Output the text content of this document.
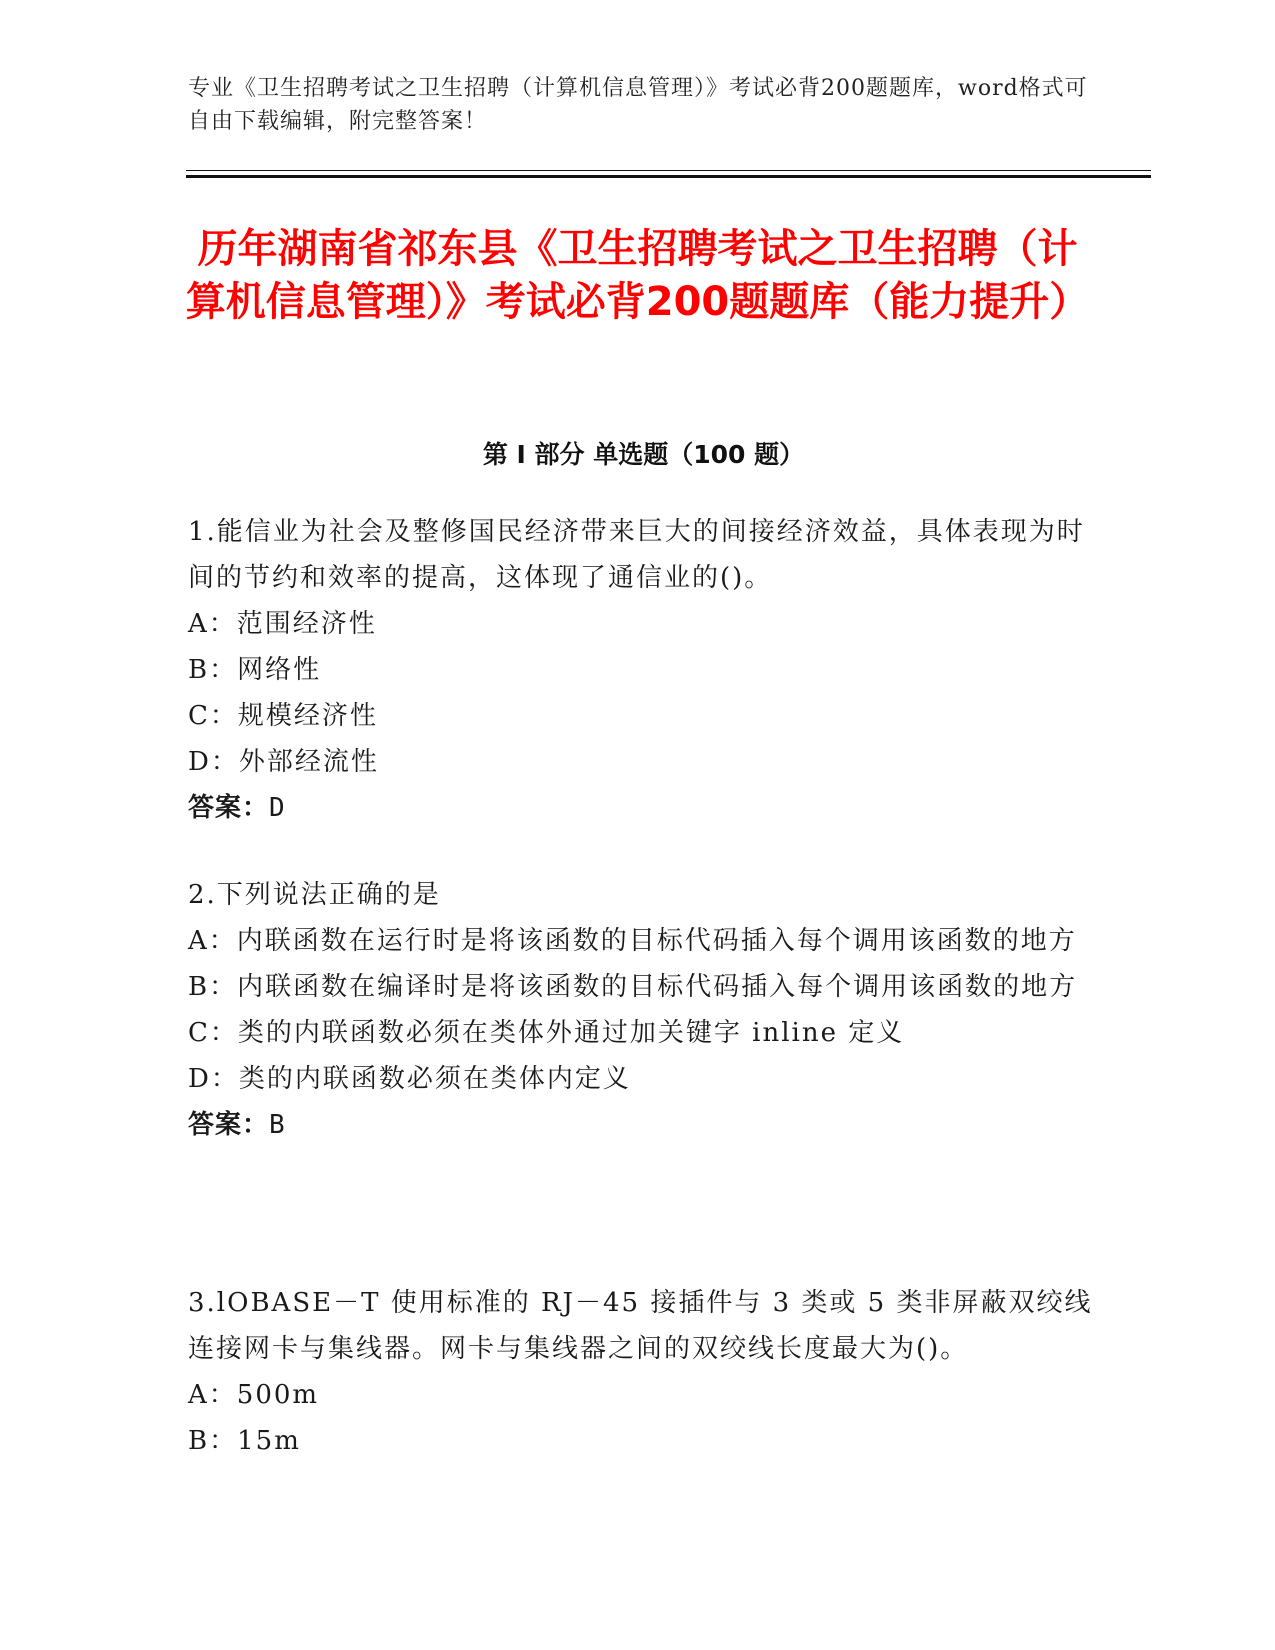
专业《卫生招聘考试之卫生招聘（计算机信息管理）》考试必背200题题库，word格式可自由下载编辑，附完整答案！
历年湖南省祁东县《卫生招聘考试之卫生招聘（计算机信息管理）》考试必背200题题库（能力提升）
第 I 部分 单选题（100 题）

1.能信业为社会及整修国民经济带来巨大的间接经济效益，具体表现为时间的节约和效率的提高，这体现了通信业的()。

A：范围经济性

B：网络性

C：规模经济性

D：外部经流性

答案：D

2.下列说法正确的是

A：内联函数在运行时是将该函数的目标代码插入每个调用该函数的地方

B：内联函数在编译时是将该函数的目标代码插入每个调用该函数的地方

C：类的内联函数必须在类体外通过加关键字 inline 定义

D：类的内联函数必须在类体内定义

答案：B

3.lOBASE－T 使用标准的 RJ－45 接插件与 3 类或 5 类非屏蔽双绞线连接网卡与集线器。网卡与集线器之间的双绞线长度最大为()。

A：500m

B：15m
